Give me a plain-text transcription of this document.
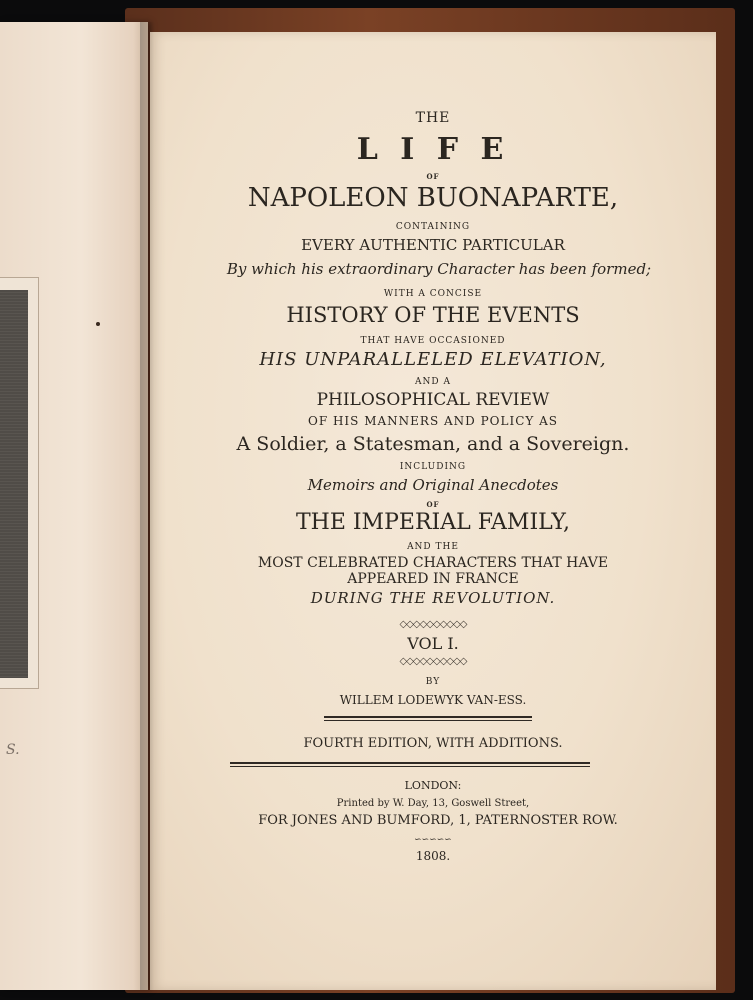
S.
THE
L I F E
OF
NAPOLEON BUONAPARTE,
CONTAINING
EVERY AUTHENTIC PARTICULAR
By which his extraordinary Character has been formed;
WITH A CONCISE
HISTORY OF THE EVENTS
THAT HAVE OCCASIONED
HIS UNPARALLELED ELEVATION,
AND A
PHILOSOPHICAL REVIEW
OF HIS MANNERS AND POLICY AS
A Soldier, a Statesman, and a Sovereign.
INCLUDING
Memoirs and Original Anecdotes
OF
THE IMPERIAL FAMILY,
AND THE
MOST CELEBRATED CHARACTERS THAT HAVE
APPEARED IN FRANCE
DURING THE REVOLUTION.
◇◇◇◇◇◇◇◇◇◇
VOL I.
◇◇◇◇◇◇◇◇◇◇
BY
WILLEM LODEWYK VAN-ESS.
FOURTH EDITION, WITH ADDITIONS.
LONDON:
Printed by W. Day, 13, Goswell Street,
FOR JONES AND BUMFORD, 1, PATERNOSTER ROW.
∽∽∽∽∽
1808.
